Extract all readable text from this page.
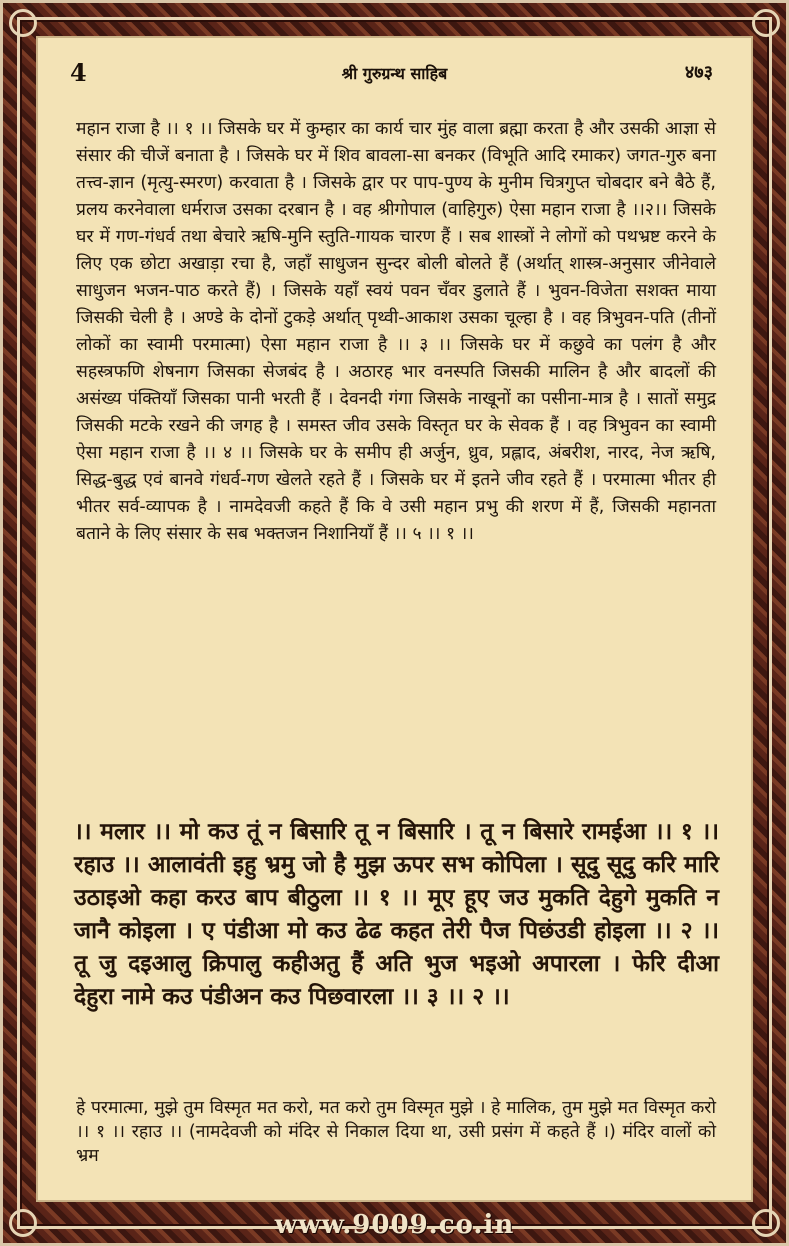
4	श्री गुरुग्रन्थ साहिब	४७३
महान राजा है ।। १ ।। जिसके घर में कुम्हार का कार्य चार मुंह वाला ब्रह्मा करता है और उसकी आज्ञा से संसार की चीजें बनाता है । जिसके घर में शिव बावला-सा बनकर (विभूति आदि रमाकर) जगत-गुरु बना तत्त्व-ज्ञान (मृत्यु-स्मरण) करवाता है । जिसके द्वार पर पाप-पुण्य के मुनीम चित्रगुप्त चोबदार बने बैठे हैं, प्रलय करनेवाला धर्मराज उसका दरबान है । वह श्रीगोपाल (वाहिगुरु) ऐसा महान राजा है ।।२।। जिसके घर में गण-गंधर्व तथा बेचारे ऋषि-मुनि स्तुति-गायक चारण हैं । सब शास्त्रों ने लोगों को पथभ्रष्ट करने के लिए एक छोटा अखाड़ा रचा है, जहाँ साधुजन सुन्दर बोली बोलते हैं (अर्थात् शास्त्र-अनुसार जीनेवाले साधुजन भजन-पाठ करते हैं) । जिसके यहाँ स्वयं पवन चँवर डुलाते हैं । भुवन-विजेता सशक्त माया जिसकी चेली है । अण्डे के दोनों टुकड़े अर्थात् पृथ्वी-आकाश उसका चूल्हा है । वह त्रिभुवन-पति (तीनों लोकों का स्वामी परमात्मा) ऐसा महान राजा है ।। ३ ।। जिसके घर में कछुवे का पलंग है और सहस्त्रफणि शेषनाग जिसका सेजबंद है । अठारह भार वनस्पति जिसकी मालिन है और बादलों की असंख्य पंक्तियाँ जिसका पानी भरती हैं । देवनदी गंगा जिसके नाखूनों का पसीना-मात्र है । सातों समुद्र जिसकी मटके रखने की जगह है । समस्त जीव उसके विस्तृत घर के सेवक हैं । वह त्रिभुवन का स्वामी ऐसा महान राजा है ।। ४ ।। जिसके घर के समीप ही अर्जुन, ध्रुव, प्रह्लाद, अंबरीश, नारद, नेज ऋषि, सिद्ध-बुद्ध एवं बानवे गंधर्व-गण खेलते रहते हैं । जिसके घर में इतने जीव रहते हैं । परमात्मा भीतर ही भीतर सर्व-व्यापक है । नामदेवजी कहते हैं कि वे उसी महान प्रभु की शरण में हैं, जिसकी महानता बताने के लिए संसार के सब भक्तजन निशानियाँ हैं ।। ५ ।। १ ।।
।। मलार ।। मो कउ तूं न बिसारि तू न बिसारि । तू न बिसारे रामईआ ।। १ ।। रहाउ ।। आलावंती इहु भ्रमु जो है मुझ ऊपर सभ कोपिला । सूदु सूदु करि मारि उठाइओ कहा करउ बाप बीठुला ।। १ ।। मूए हूए जउ मुकति देहुगे मुकति न जानै कोइला । ए पंडीआ मो कउ ढेढ कहत तेरी पैज पिछंउडी होइला ।। २ ।। तू जु दइआलु क्रिपालु कहीअतु हैं अति भुज भइओ अपारला । फेरि दीआ देहुरा नामे कउ पंडीअन कउ पिछवारला ।। ३ ।। २ ।।
हे परमात्मा, मुझे तुम विस्मृत मत करो, मत करो तुम विस्मृत मुझे । हे मालिक, तुम मुझे मत विस्मृत करो ।। १ ।। रहाउ ।। (नामदेवजी को मंदिर से निकाल दिया था, उसी प्रसंग में कहते हैं ।) मंदिर वालों को भ्रम
www.9009.co.in
